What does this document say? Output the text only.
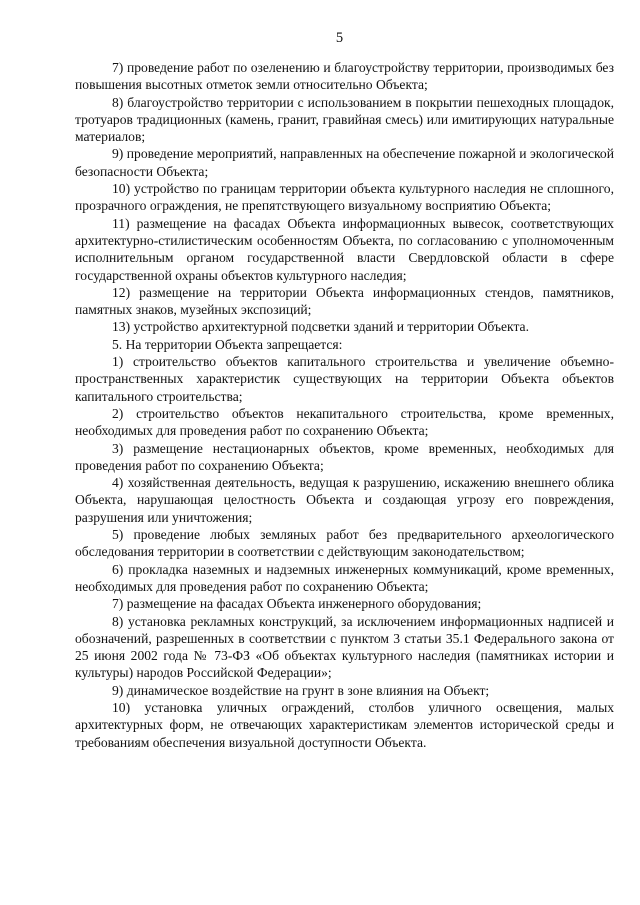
5

7) проведение работ по озеленению и благоустройству территории, производимых без повышения высотных отметок земли относительно Объекта;

8) благоустройство территории с использованием в покрытии пешеходных площадок, тротуаров традиционных (камень, гранит, гравийная смесь) или имитирующих натуральные материалов;

9) проведение мероприятий, направленных на обеспечение пожарной и экологической безопасности Объекта;

10) устройство по границам территории объекта культурного наследия не сплошного, прозрачного ограждения, не препятствующего визуальному восприятию Объекта;

11) размещение на фасадах Объекта информационных вывесок, соответствующих архитектурно-стилистическим особенностям Объекта, по согласованию с уполномоченным исполнительным органом государственной власти Свердловской области в сфере государственной охраны объектов культурного наследия;

12) размещение на территории Объекта информационных стендов, памятников, памятных знаков, музейных экспозиций;

13) устройство архитектурной подсветки зданий и территории Объекта.

5. На территории Объекта запрещается:

1) строительство объектов капитального строительства и увеличение объемно-пространственных характеристик существующих на территории Объекта объектов капитального строительства;

2) строительство объектов некапитального строительства, кроме временных, необходимых для проведения работ по сохранению Объекта;

3) размещение нестационарных объектов, кроме временных, необходимых для проведения работ по сохранению Объекта;

4) хозяйственная деятельность, ведущая к разрушению, искажению внешнего облика Объекта, нарушающая целостность Объекта и создающая угрозу его повреждения, разрушения или уничтожения;

5) проведение любых земляных работ без предварительного археологического обследования территории в соответствии с действующим законодательством;

6) прокладка наземных и надземных инженерных коммуникаций, кроме временных, необходимых для проведения работ по сохранению Объекта;

7) размещение на фасадах Объекта инженерного оборудования;

8) установка рекламных конструкций, за исключением информационных надписей и обозначений, разрешенных в соответствии с пунктом 3 статьи 35.1 Федерального закона от 25 июня 2002 года № 73-ФЗ «Об объектах культурного наследия (памятниках истории и культуры) народов Российской Федерации»;

9) динамическое воздействие на грунт в зоне влияния на Объект;

10) установка уличных ограждений, столбов уличного освещения, малых архитектурных форм, не отвечающих характеристикам элементов исторической среды и требованиям обеспечения визуальной доступности Объекта.
